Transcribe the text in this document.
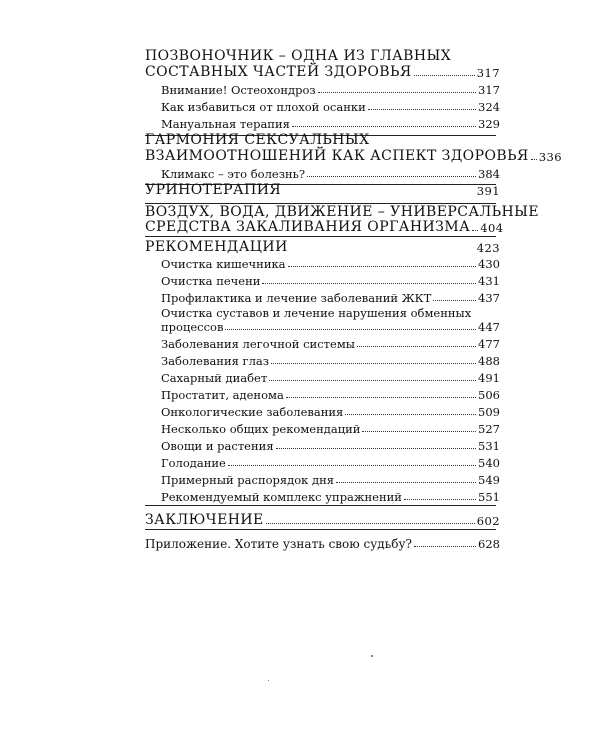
ПОЗВОНОЧНИК – ОДНА ИЗ ГЛАВНЫХ
СОСТАВНЫХ ЧАСТЕЙ ЗДОРОВЬЯ	317
Внимание! Остеохондроз	317
Как избавиться от плохой осанки	324
Мануальная терапия	329
ГАРМОНИЯ СЕКСУАЛЬНЫХ
ВЗАИМООТНОШЕНИЙ КАК АСПЕКТ ЗДОРОВЬЯ 336
Климакс – это болезнь?	384
УРИНОТЕРАПИЯ	391
ВОЗДУХ, ВОДА, ДВИЖЕНИЕ – УНИВЕРСАЛЬНЫЕ
СРЕДСТВА ЗАКАЛИВАНИЯ ОРГАНИЗМА 404
РЕКОМЕНДАЦИИ	423
Очистка кишечника	430
Очистка печени	431
Профилактика и лечение заболеваний ЖКТ	437
Очистка суставов и лечение нарушения обменных
процессов	447
Заболевания легочной системы	477
Заболевания глаз	488
Сахарный диабет	491
Простатит, аденома	506
Онкологические заболевания	509
Несколько общих рекомендаций	527
Овощи и растения	531
Голодание	540
Примерный распорядок дня	549
Рекомендуемый комплекс упражнений	551
ЗАКЛЮЧЕНИЕ	602
Приложение. Хотите узнать свою судьбу?	628
